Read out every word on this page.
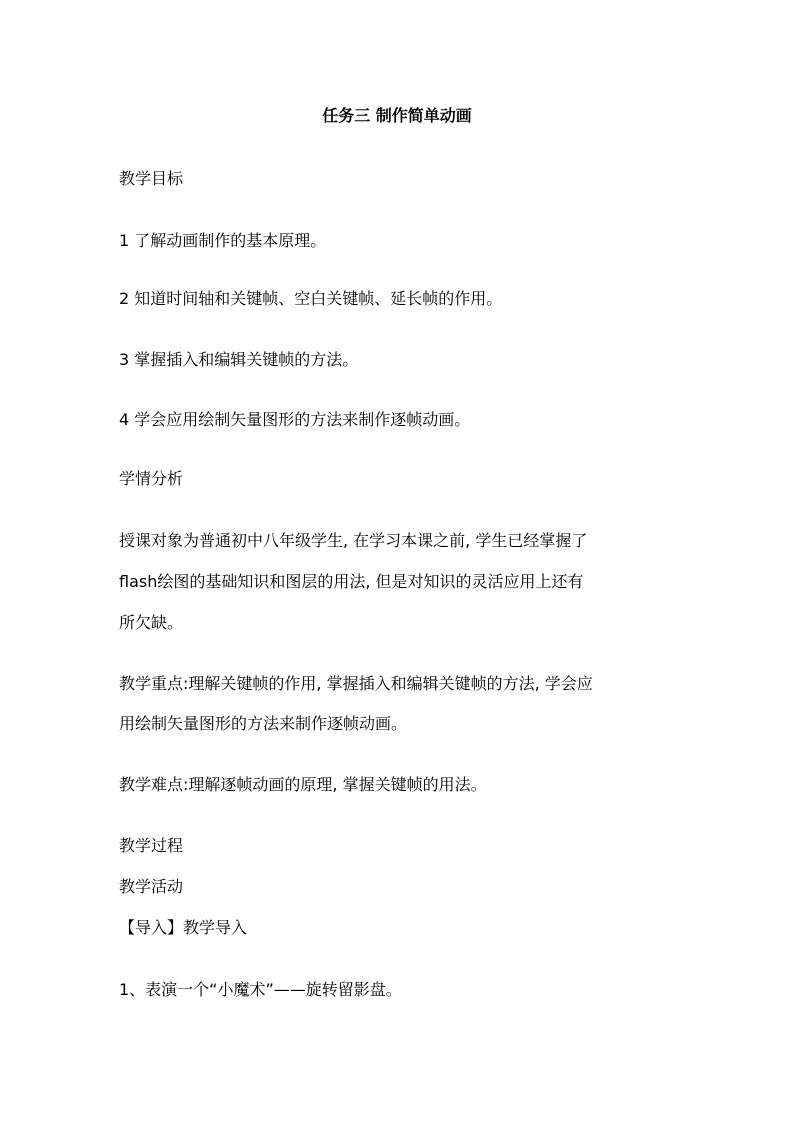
任务三 制作简单动画
教学目标
1 了解动画制作的基本原理。
2 知道时间轴和关键帧、空白关键帧、延长帧的作用。
3 掌握插入和编辑关键帧的方法。
4 学会应用绘制矢量图形的方法来制作逐帧动画。
学情分析
授课对象为普通初中八年级学生, 在学习本课之前, 学生已经掌握了
flash绘图的基础知识和图层的用法, 但是对知识的灵活应用上还有
所欠缺。
教学重点:理解关键帧的作用, 掌握插入和编辑关键帧的方法, 学会应
用绘制矢量图形的方法来制作逐帧动画。
教学难点:理解逐帧动画的原理, 掌握关键帧的用法。
教学过程
教学活动
【导入】教学导入
1、表演一个“小魔术”——旋转留影盘。
